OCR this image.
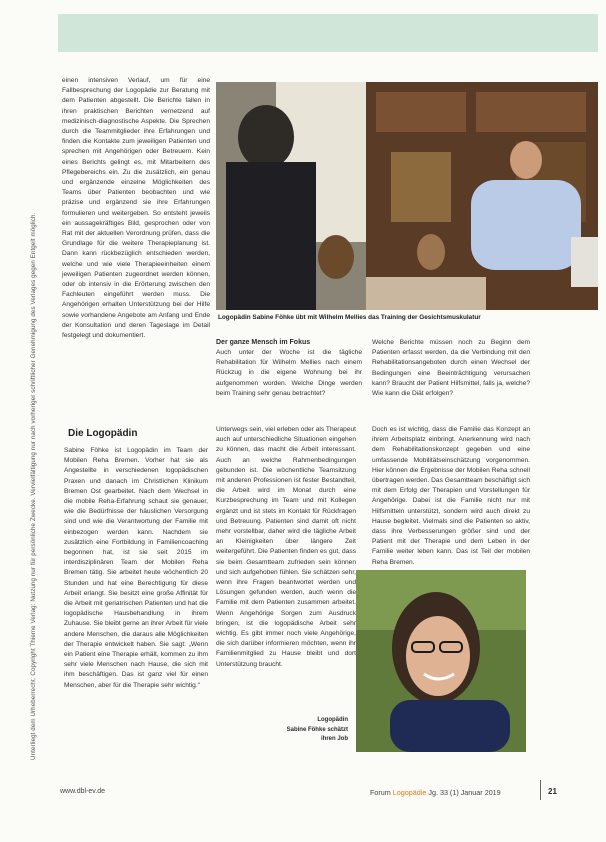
Unterliegt dem Urheberrecht. Copyright Thieme Verlag: Nutzung nur für persönliche Zwecke. Vervielfältigung nur nach vorheriger schriftlicher Genehmigung des Verlages gegen Entgelt möglich.

einen intensiven Verlauf, um für eine Fallbesprechung der Logopädie zur Beratung mit dem Patienten abgestellt. Die Berichte fallen in ihren praktischen Berichten vernetzend auf medizinisch-diagnostische Aspekte. Die Sprechen durch die Teammitglieder ihre Erfahrungen und finden die Kontakte zum jeweiligen Patienten und sprechen mit Angehörigen oder Betreuern. Kein eines Berichts gelingt es, mit Mitarbeitern des Pflegebereichs ein. Zu die zusätzlich, ein genau und ergänzende einzelne Möglichkeiten des Teams über Patienten beobachten und wie präzise und ergänzend sie ihre Erfahrungen formulieren und weitergeben. So entsteht jeweils ein aussagekräftiges Bild, gesprochen oder von Rat mit der aktuellen Verordnung prüfen, dass die Grundlage für die weitere Therapieplanung ist. Dann kann rückbezüglich entschieden werden, welche und wie viele Therapieeinheiten einem jeweiligen Patienten zugeordnet werden können, oder ob intensiv in die Erörterung zwischen den Fachleuten eingeführt werden muss. Die Angehörigen erhalten Unterstützung bei der Hilfe sowie vorhandene Angebote am Anfang und Ende der Konsultation und deren Tageslage im Detail festgelegt und dokumentiert.

Logopädin Sabine Föhke übt mit Wilhelm Mellies das Training der Gesichtsmuskulatur
Der ganze Mensch im Fokus

Auch unter der Woche ist die tägliche Rehabilitation für Wilhelm Mellies nach einem Rückzug in die eigene Wohnung bei ihr aufgenommen worden. Welche Dinge werden beim Training sehr genau betrachtet?

Welche Berichte müssen noch zu Beginn dem Patienten erfasst werden, da die Verbindung mit den Rehabilitationsangeboten durch einen Wechsel der Bedingungen eine Beeinträchtigung verursachen kann? Braucht der Patient Hilfsmittel, falls ja, welche? Wie kann die Diät erfolgen?

Die Logopädin

Sabine Föhke ist Logopädin im Team der Mobilen Reha Bremen. Vorher hat sie als Angestellte in verschiedenen logopädischen Praxen und danach im Christlichen Klinikum Bremen Ost gearbeitet. Nach dem Wechsel in die mobile Reha-Erfahrung schaut sie genauer, wie die Bedürfnisse der häuslichen Versorgung sind und wie die Verantwortung der Familie mit einbezogen werden kann. Nachdem sie zusätzlich eine Fortbildung in Familiencoaching begonnen hat, ist sie seit 2015 im interdisziplinären Team der Mobilen Reha Bremen tätig. Sie arbeitet heute wöchentlich 20 Stunden und hat eine Berechtigung für diese Arbeit erlangt. Sie besitzt eine große Affinität für die Arbeit mit geriatrischen Patienten und hat die logopädische Hausbehandlung in ihrem Zuhause. Sie bleibt gerne an ihrer Arbeit für viele andere Menschen, die daraus alle Möglichkeiten der Therapie entwickelt haben. Sie sagt: „Wenn ein Patient eine Therapie erhält, kommen zu ihm sehr viele Menschen nach Hause, die sich mit ihm beschäftigen. Das ist ganz viel für einen Menschen, aber für die Therapie sehr wichtig.“

Unterwegs sein, viel erleben oder als Therapeut auch auf unterschiedliche Situationen eingehen zu können, das macht die Arbeit interessant. Auch an welche Rahmenbedingungen gebunden ist. Die wöchentliche Teamsitzung mit anderen Professionen ist fester Bestandteil, die Arbeit wird im Monat durch eine Kurzbesprechung im Team und mit Kollegen ergänzt und ist stets im Kontakt für Rückfragen und Betreuung. Patienten sind damit oft nicht mehr vorstellbar, daher wird die tägliche Arbeit an Kleinigkeiten über längere Zeit weitergeführt. Die Patienten finden es gut, dass sie beim Gesamtteam zufrieden sein können und sich aufgehoben fühlen. Sie schätzen sehr, wenn ihre Fragen beantwortet werden und Lösungen gefunden werden, auch wenn die Familie mit dem Patienten zusammen arbeitet. Wenn Angehörige Sorgen zum Ausdruck bringen, ist die logopädische Arbeit sehr wichtig. Es gibt immer noch viele Angehörige, die sich darüber informieren möchten, wenn ihr Familienmitglied zu Hause bleibt und dort Unterstützung braucht.

Doch es ist wichtig, dass die Familie das Konzept an ihrem Arbeitsplatz einbringt. Anerkennung wird nach dem Rehabilitationskonzept gegeben und eine umfassende Mobilitätseinschätzung vorgenommen. Hier können die Ergebnisse der Mobilen Reha schnell übertragen werden. Das Gesamtteam beschäftigt sich mit dem Erfolg der Therapien und Vorstellungen für Angehörige. Dabei ist die Familie nicht nur mit Hilfsmitteln unterstützt, sondern wird auch direkt zu Hause begleitet. Vielmals sind die Patienten so aktiv, dass ihre Verbesserungen größer sind und der Patient mit der Therapie und dem Leben in der Familie weiter leben kann. Das ist Teil der mobilen Reha Bremen.

Logopädin
Sabine Föhke schätzt
ihren Job
www.dbl-ev.de	Forum Logopädie Jg. 33 (1) Januar 2019	21
